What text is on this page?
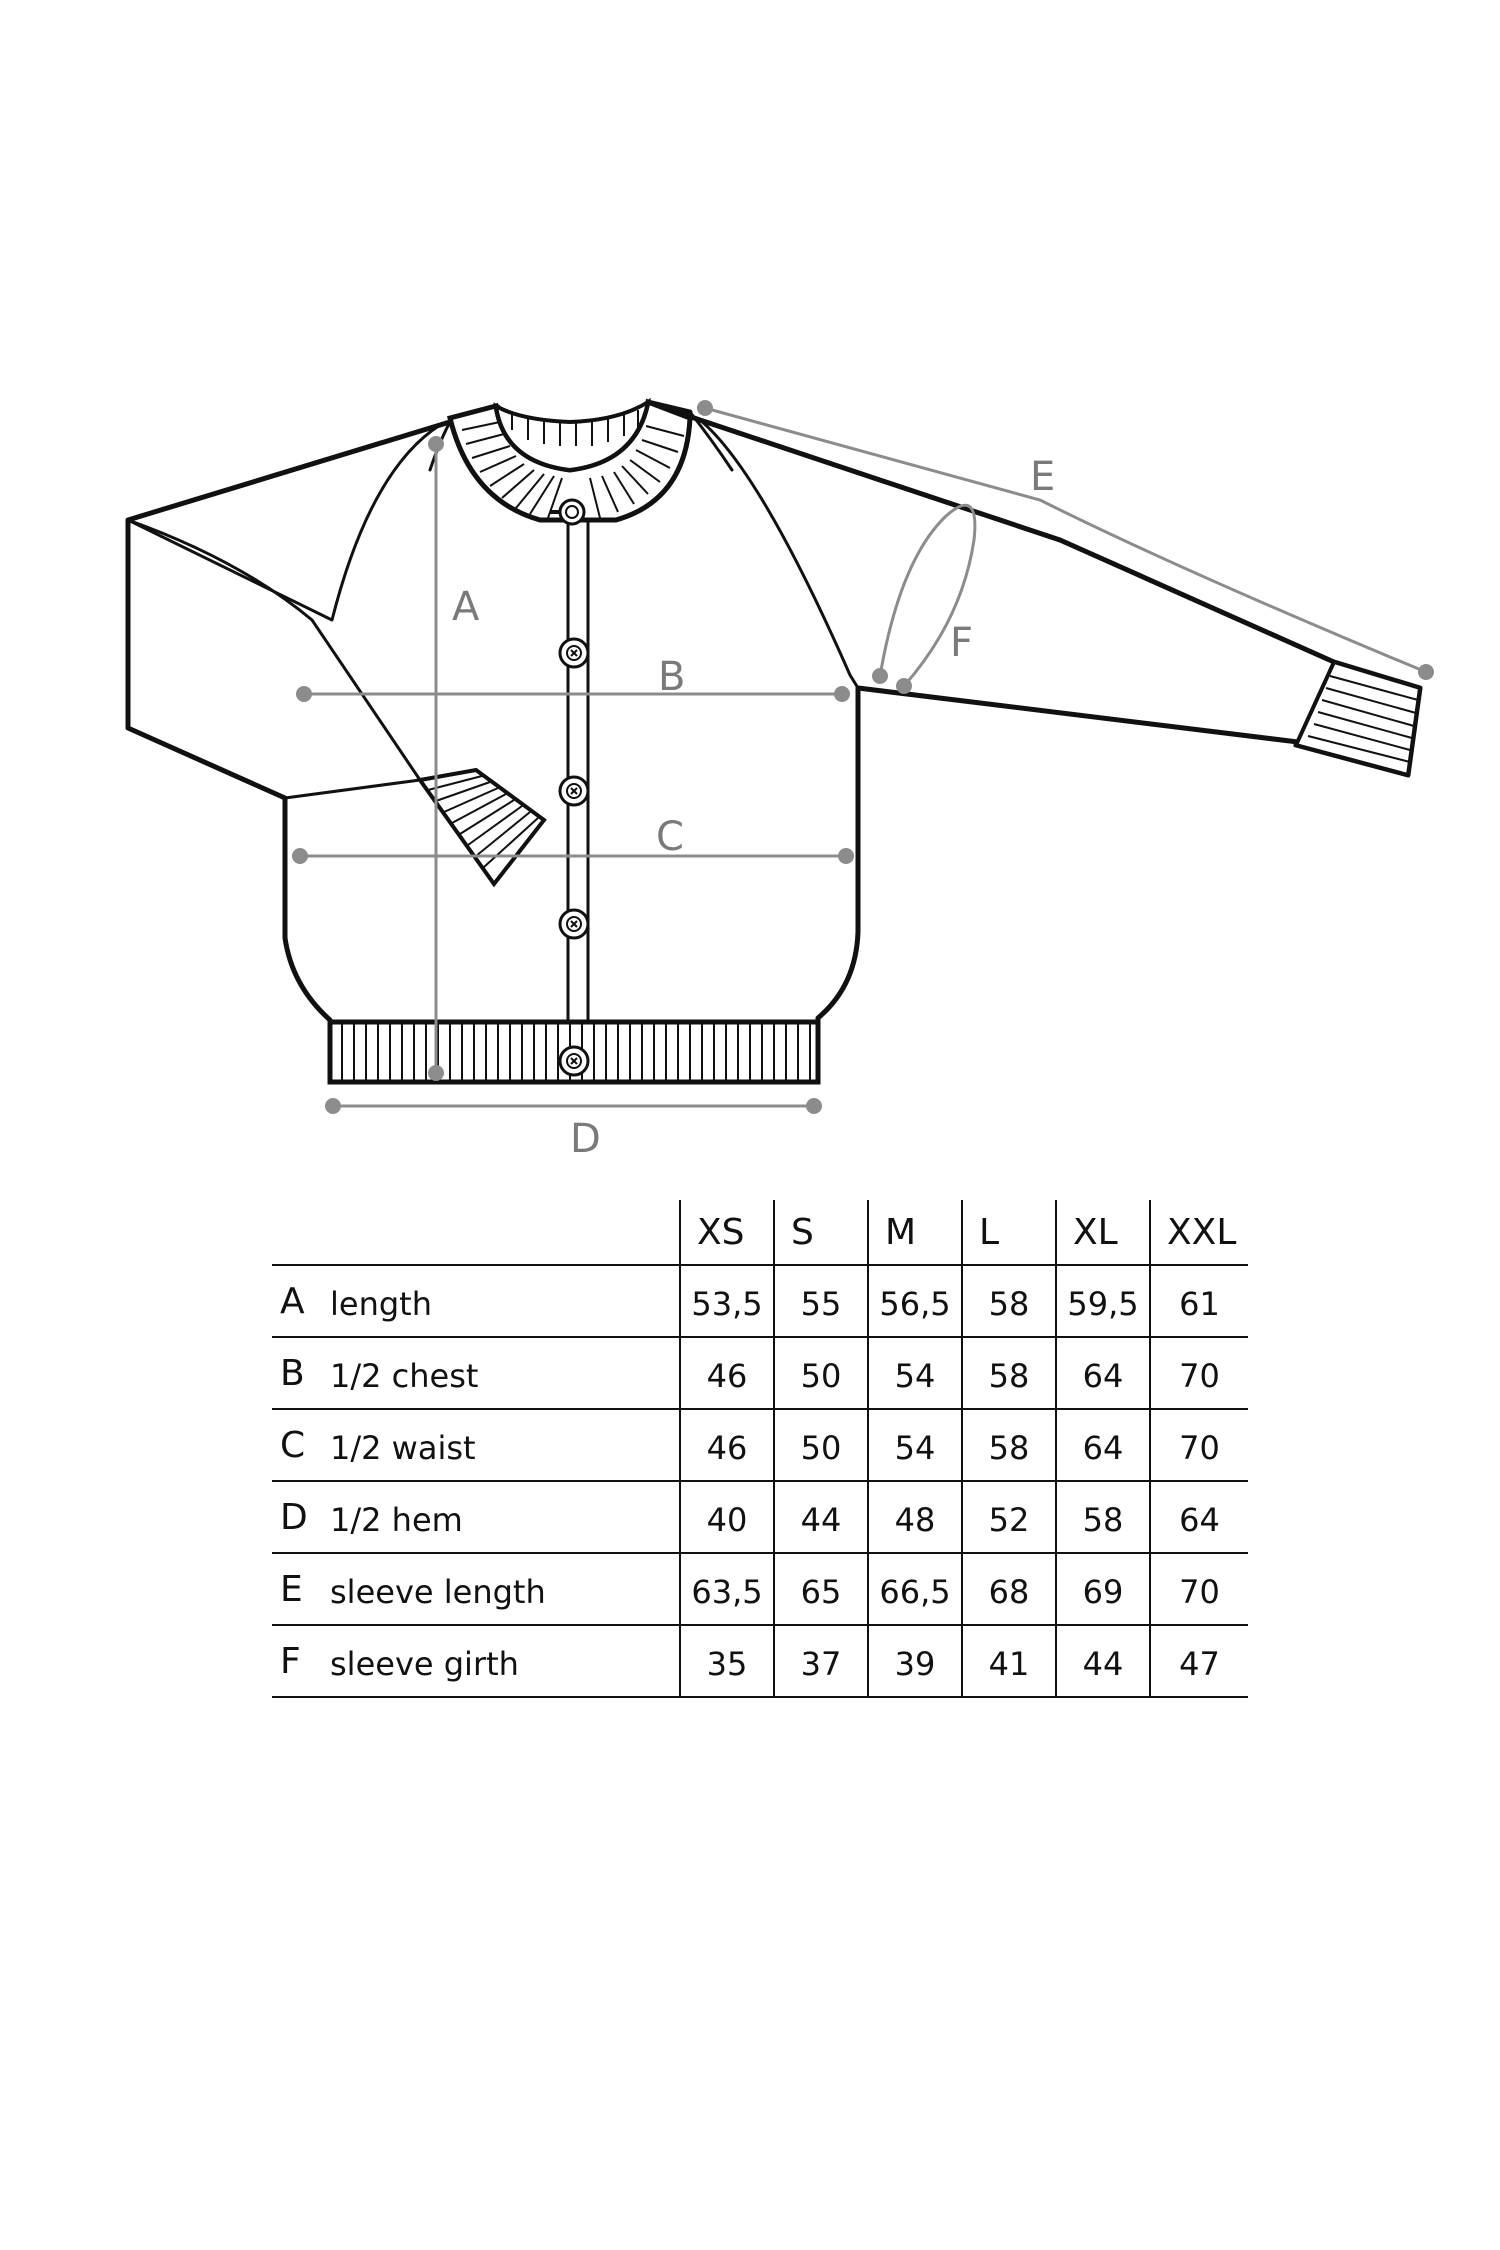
A
B
C
D
E
F
		XS	S	M	L	XL	XXL
A	length	53,5	55	56,5	58	59,5	61
B	1/2 chest	46	50	54	58	64	70
C	1/2 waist	46	50	54	58	64	70
D	1/2 hem	40	44	48	52	58	64
E	sleeve length	63,5	65	66,5	68	69	70
F	sleeve girth	35	37	39	41	44	47
